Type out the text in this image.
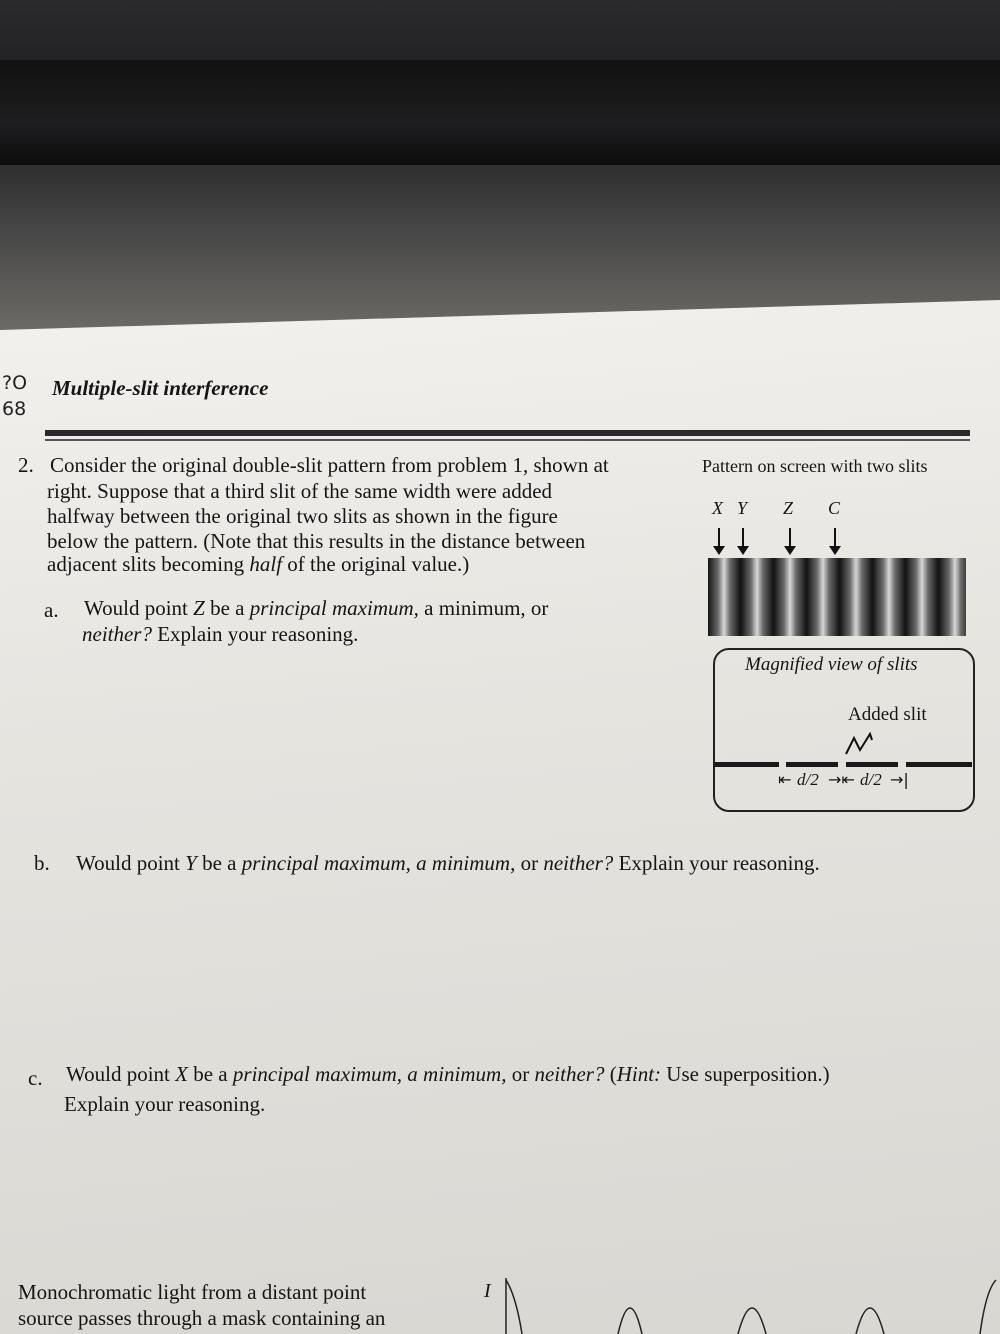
?O
68
Multiple-slit interference
2. Consider the original double-slit pattern from problem 1, shown at
right. Suppose that a third slit of the same width were added
halfway between the original two slits as shown in the figure
below the pattern. (Note that this results in the distance between
adjacent slits becoming half of the original value.)
a. Would point Z be a principal maximum, a minimum, or
neither? Explain your reasoning.
Pattern on screen with two slits
X Y Z C
Magnified view of slits
Added slit
⇤ d/2 →⇤ d/2 →|
b. Would point Y be a principal maximum, a minimum, or neither? Explain your reasoning.
c. Would point X be a principal maximum, a minimum, or neither? (Hint: Use superposition.)
Explain your reasoning.
Monochromatic light from a distant point
source passes through a mask containing an
I
